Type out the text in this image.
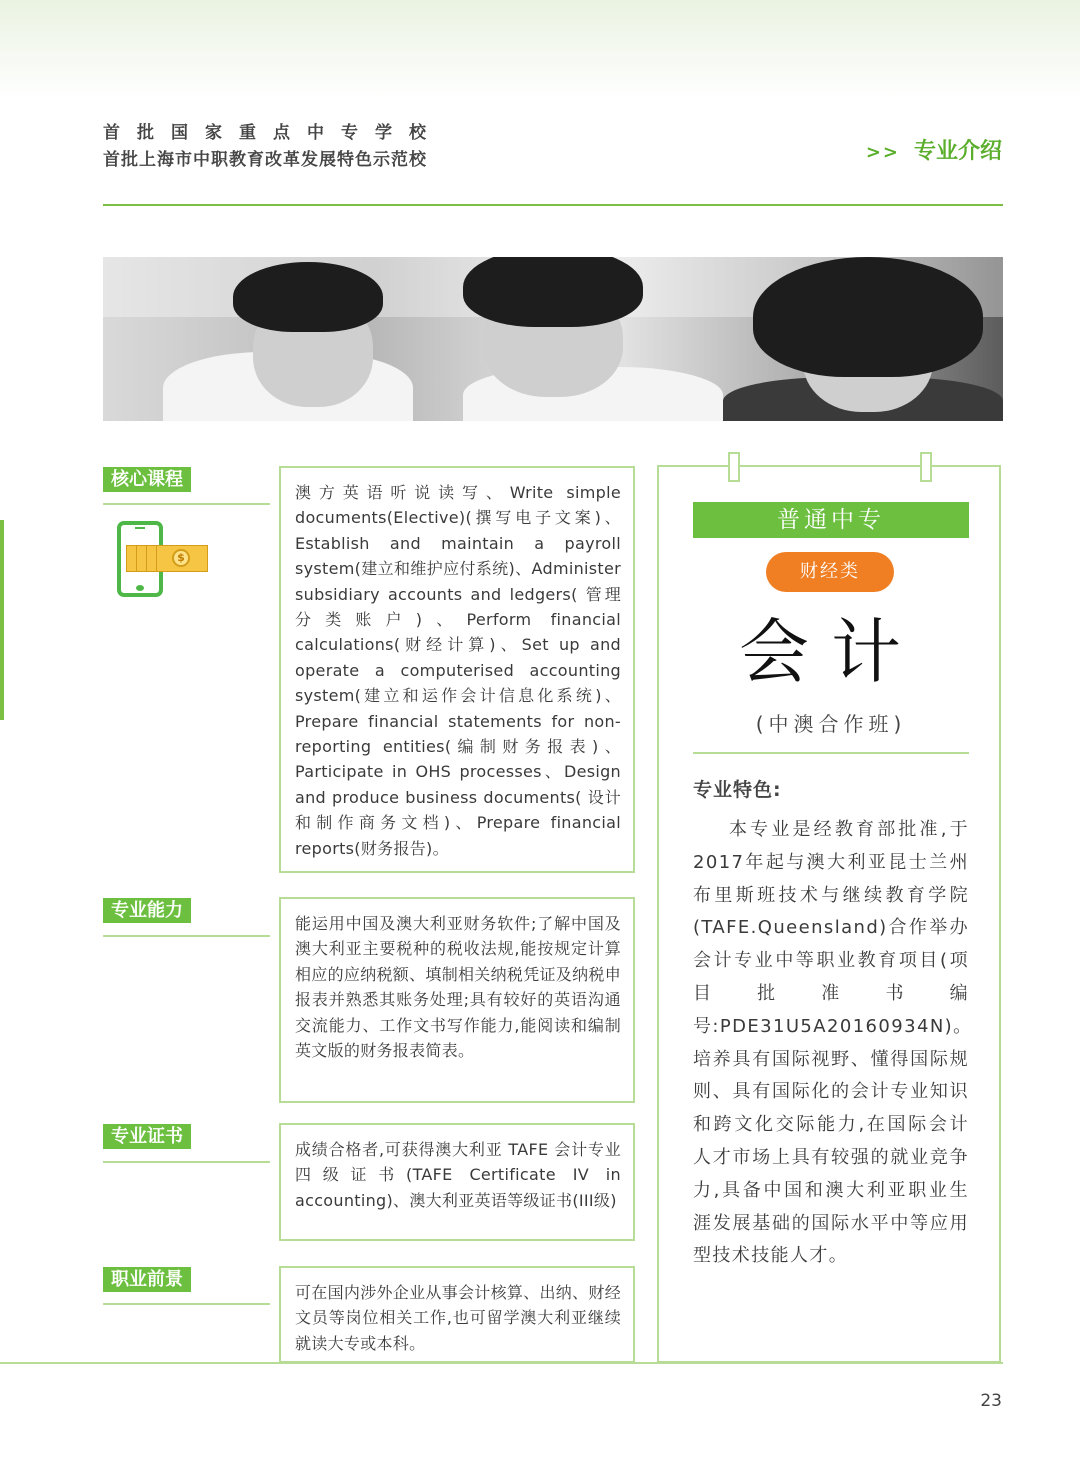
首批国家重点中专学校
首批上海市中职教育改革发展特色示范校	>> 专业介绍
核心课程
$
澳方英语听说读写、Write simple documents(Elective)(撰写电子文案)、Establish and maintain a payroll system(建立和维护应付系统)、Administer subsidiary accounts and ledgers( 管理分类账户)、Perform financial calculations(财经计算)、Set up and operate a computerised accounting system(建立和运作会计信息化系统)、Prepare financial statements for non-reporting entities(编制财务报表)、Participate in OHS processes、Design and produce business documents( 设计和制作商务文档)、Prepare financial reports(财务报告)。
专业能力
能运用中国及澳大利亚财务软件;了解中国及澳大利亚主要税种的税收法规,能按规定计算相应的应纳税额、填制相关纳税凭证及纳税申报表并熟悉其账务处理;具有较好的英语沟通交流能力、工作文书写作能力,能阅读和编制英文版的财务报表简表。
专业证书
成绩合格者,可获得澳大利亚 TAFE 会计专业四级证书(TAFE Certificate IV in accounting)、澳大利亚英语等级证书(III级)
职业前景
可在国内涉外企业从事会计核算、出纳、财经文员等岗位相关工作,也可留学澳大利亚继续就读大专或本科。
普通中专
财经类
会计
(中澳合作班)
专业特色:
本专业是经教育部批准,于2017年起与澳大利亚昆士兰州布里斯班技术与继续教育学院(TAFE.Queensland)合作举办会计专业中等职业教育项目(项目批准书编号:PDE31U5A20160934N)。培养具有国际视野、懂得国际规则、具有国际化的会计专业知识和跨文化交际能力,在国际会计人才市场上具有较强的就业竞争力,具备中国和澳大利亚职业生涯发展基础的国际水平中等应用型技术技能人才。
23
